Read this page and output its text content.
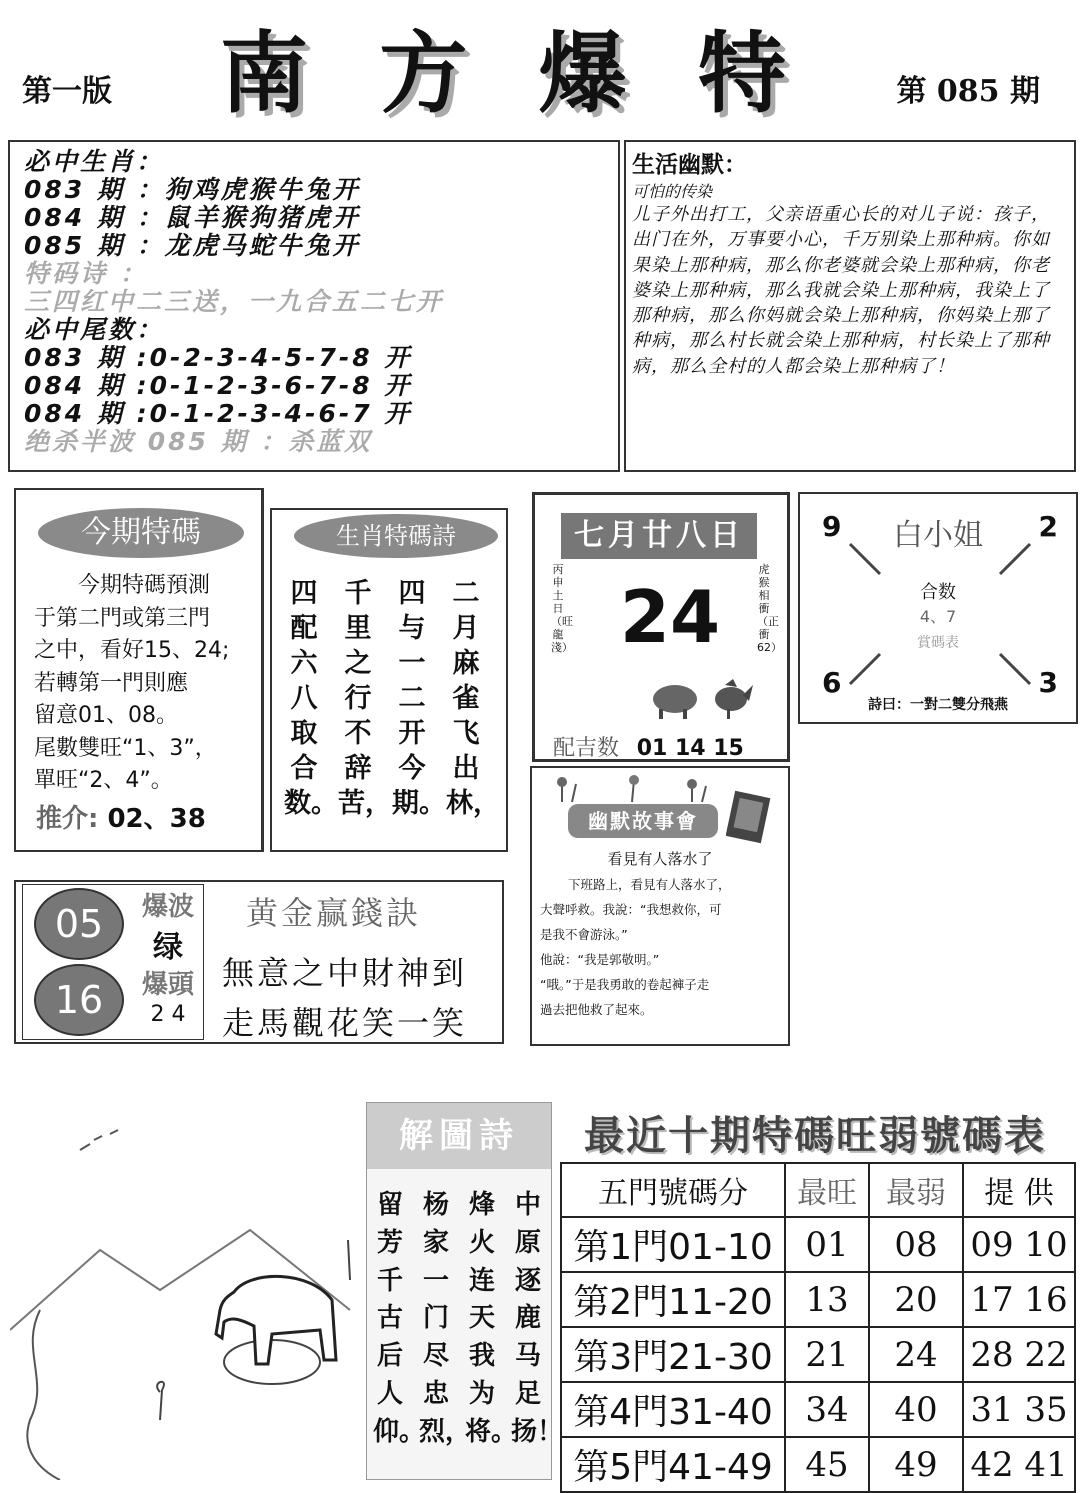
第一版 南 方 爆 特	第 085 期
必中生肖：
083 期 ：狗鸡虎猴牛兔开
084 期 ：鼠羊猴狗猪虎开
085 期 ：龙虎马蛇牛兔开
特码诗 ：
三四红中二三送，一九合五二七开
必中尾数：
083 期 :0-2-3-4-5-7-8 开
084 期 :0-1-2-3-6-7-8 开
084 期 :0-1-2-3-4-6-7 开
绝杀半波 085 期 ：杀蓝双
生活幽默：
可怕的传染
儿子外出打工，父亲语重心长的对儿子说：孩子，出门在外，万事要小心，千万别染上那种病。你如果染上那种病，那么你老婆就会染上那种病，你老婆染上那种病，那么我就会染上那种病，我染上了那种病，那么你妈就会染上那种病，你妈染上那了种病，那么村长就会染上那种病，村长染上了那种病，那么全村的人都会染上那种病了！
今期特碼
今期特碼預測
于第二門或第三門
之中，看好15、24;
若轉第一門則應
留意01、08。
尾數雙旺“1、3”，
單旺“2、4”。
推介: 02、38
生肖特碼詩
二月麻雀飞出林，
四与一二开今期。
千里之行不辞苦，
四配六八取合数。
七月廿八日
丙申土日（旺龍淺）
虎猴相衝（正衝62）
24
配吉数 01 14 15
9	2
6	3
白小姐
合数
4、7
賞碼表
詩曰：一對二雙分飛燕
幽默故事會
看見有人落水了
下班路上，看見有人落水了，
大聲呼救。我說：“我想救你，可
是我不會游泳。”
他說：“我是郭敬明。”
“哦。”于是我勇敢的卷起褲子走
過去把他救了起來。
05
16
爆波
绿
爆頭
2 4
黄金赢錢訣
無意之中財神到
走馬觀花笑一笑
解圖詩
中原逐鹿马足扬！
烽火连天我为将。
杨家一门尽忠烈，
留芳千古后人仰。
最近十期特碼旺弱號碼表
五門號碼分	最旺	最弱	提 供
第1門01-10	01	08	09 10
第2門11-20	13	20	17 16
第3門21-30	21	24	28 22
第4門31-40	34	40	31 35
第5門41-49	45	49	42 41
